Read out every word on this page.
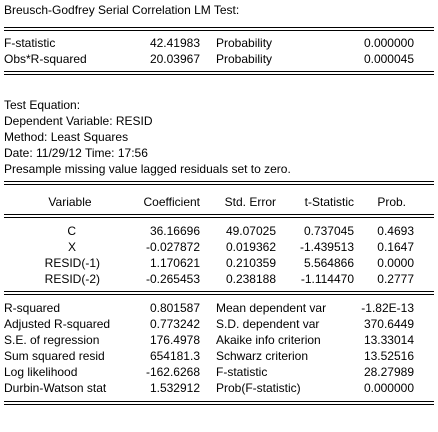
Breusch-Godfrey Serial Correlation LM Test:
F-statistic	42.41983 Probability	0.000000
Obs*R-squared	20.03967 Probability	0.000045
Test Equation:
Dependent Variable: RESID
Method: Least Squares
Date: 11/29/12 Time: 17:56
Presample missing value lagged residuals set to zero.
Variable	Coefficient	Std. Error	t-Statistic	Prob.
C	36.16696	49.07025	0.737045	0.4693
X	-0.027872	0.019362	-1.439513	0.1647
RESID(-1)	1.170621	0.210359	5.564866	0.0000
RESID(-2)	-0.265453	0.238188	-1.114470	0.2777
R-squared	0.801587 Mean dependent var	-1.82E-13
Adjusted R-squared	0.773242 S.D. dependent var	370.6449
S.E. of regression	176.4978 Akaike info criterion	13.33014
Sum squared resid	654181.3 Schwarz criterion	13.52516
Log likelihood	-162.6268 F-statistic	28.27989
Durbin-Watson stat	1.532912 Prob(F-statistic)	0.000000
